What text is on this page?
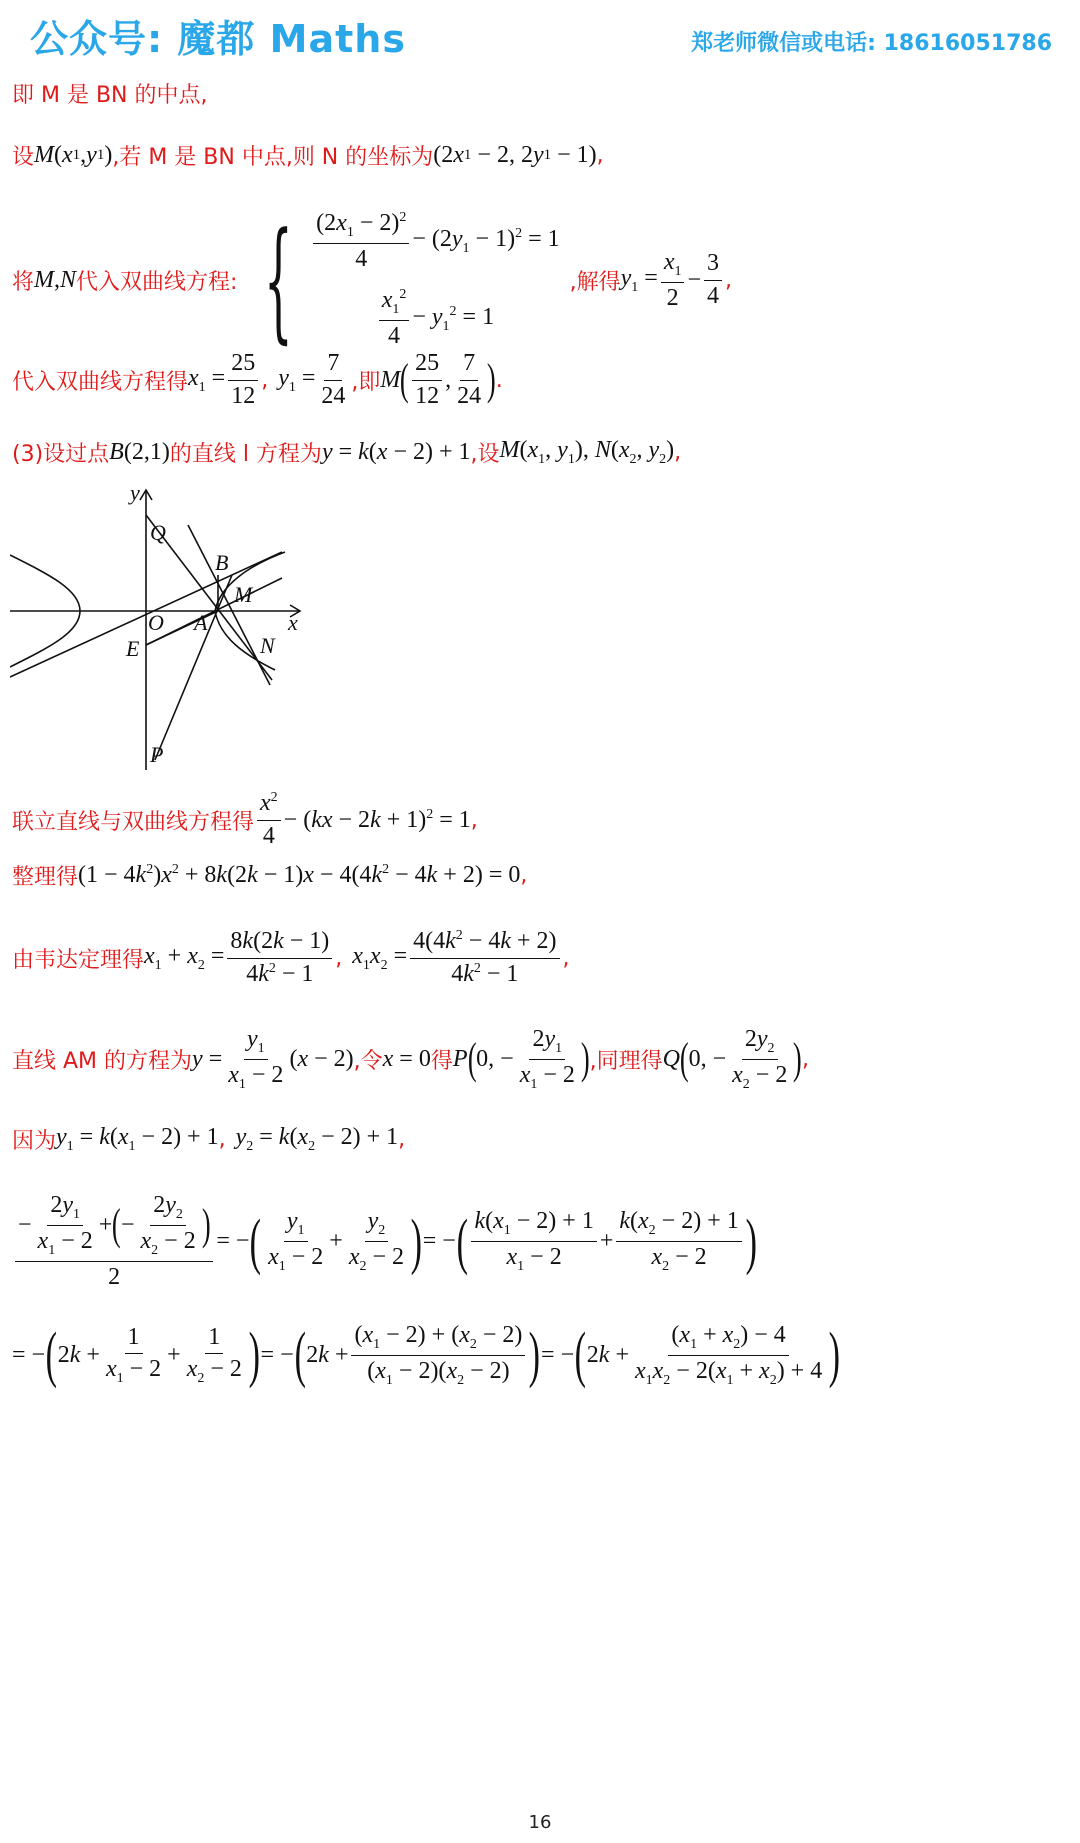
公众号: 魔都 Maths	郑老师微信或电话: 18616051786
即 M 是 BN 的中点,
设 M ( x 1 , y 1 ) ,若 M 是 BN 中点,则 N 的坐标为 (2 x 1 − 2, 2 y 1 − 1) ,
将 M , N 代入双曲线方程: { $\frac{(2x_1 - 2)^2}{4} - (2y_1 - 1)^2 = 1$
$\frac{x_1^2}{4} - y_1^2 = 1$
,解得 $y_1 = \frac{x_1}{2} - \frac{3}{4}$ ,
代入双曲线方程得 $x_1 = \frac{25}{12}$ , $y_1 = \frac{7}{24}$ ,即 M ( $\frac{25}{12}$ , $\frac{7}{24}$ ) .
(3)设过点 B(2,1) 的直线 l 方程为 y = k(x − 2) + 1 ,设 $M(x_1$, $y_1$), $N(x_2$, $y_2$) ,
y
x
Q
B
M
O A
N
E
P
联立直线与双曲线方程得 $\frac{x^2}{4} - (kx - 2k + 1)^2 = 1$ ,
整理得 $(1 - 4k^2)x^2 + 8k(2k - 1)x - 4(4k^2 - 4k + 2) = 0$ ,
由韦达定理得 $x_1 + x_2 = \frac{8k(2k - 1)}{4k^2 - 1}$ , $x_1x_2 = \frac{4(4k^2 - 4k + 2)}{4k^2 - 1}$ ,
直线 AM 的方程为 $y = \frac{y_1}{x_1 - 2} (x - 2)$ ,令 x = 0 得 P ( 0, − $\frac{2y_1}{x_1 - 2}$ ) ,同理得 Q ( 0, − $\frac{2y_2}{x_2 - 2}$ ) ,
因为 $y_1 = k(x_1 - 2) + 1$ , $y_2 = k(x_2 - 2) + 1$ ,
− $\frac{2y_1}{x_1 - 2}$ + ( − $\frac{2y_2}{x_2 - 2}$ )
2
= − ( $\frac{y_1}{x_1 - 2} + \frac{y_2}{x_2 - 2}$ ) = − ( $\frac{k(x_1 - 2) + 1}{x_1 - 2} + \frac{k(x_2 - 2) + 1}{x_2 - 2}$ )
= − ( $2k + \frac{1}{x_1 - 2} + \frac{1}{x_2 - 2}$ ) = − ( $2k + \frac{(x_1 - 2) + (x_2 - 2)}{(x_1 - 2)(x_2 - 2)}$ ) = − ( $2k + \frac{(x_1 + x_2) - 4}{x_1x_2 - 2(x_1 + x_2) + 4}$ )
16
